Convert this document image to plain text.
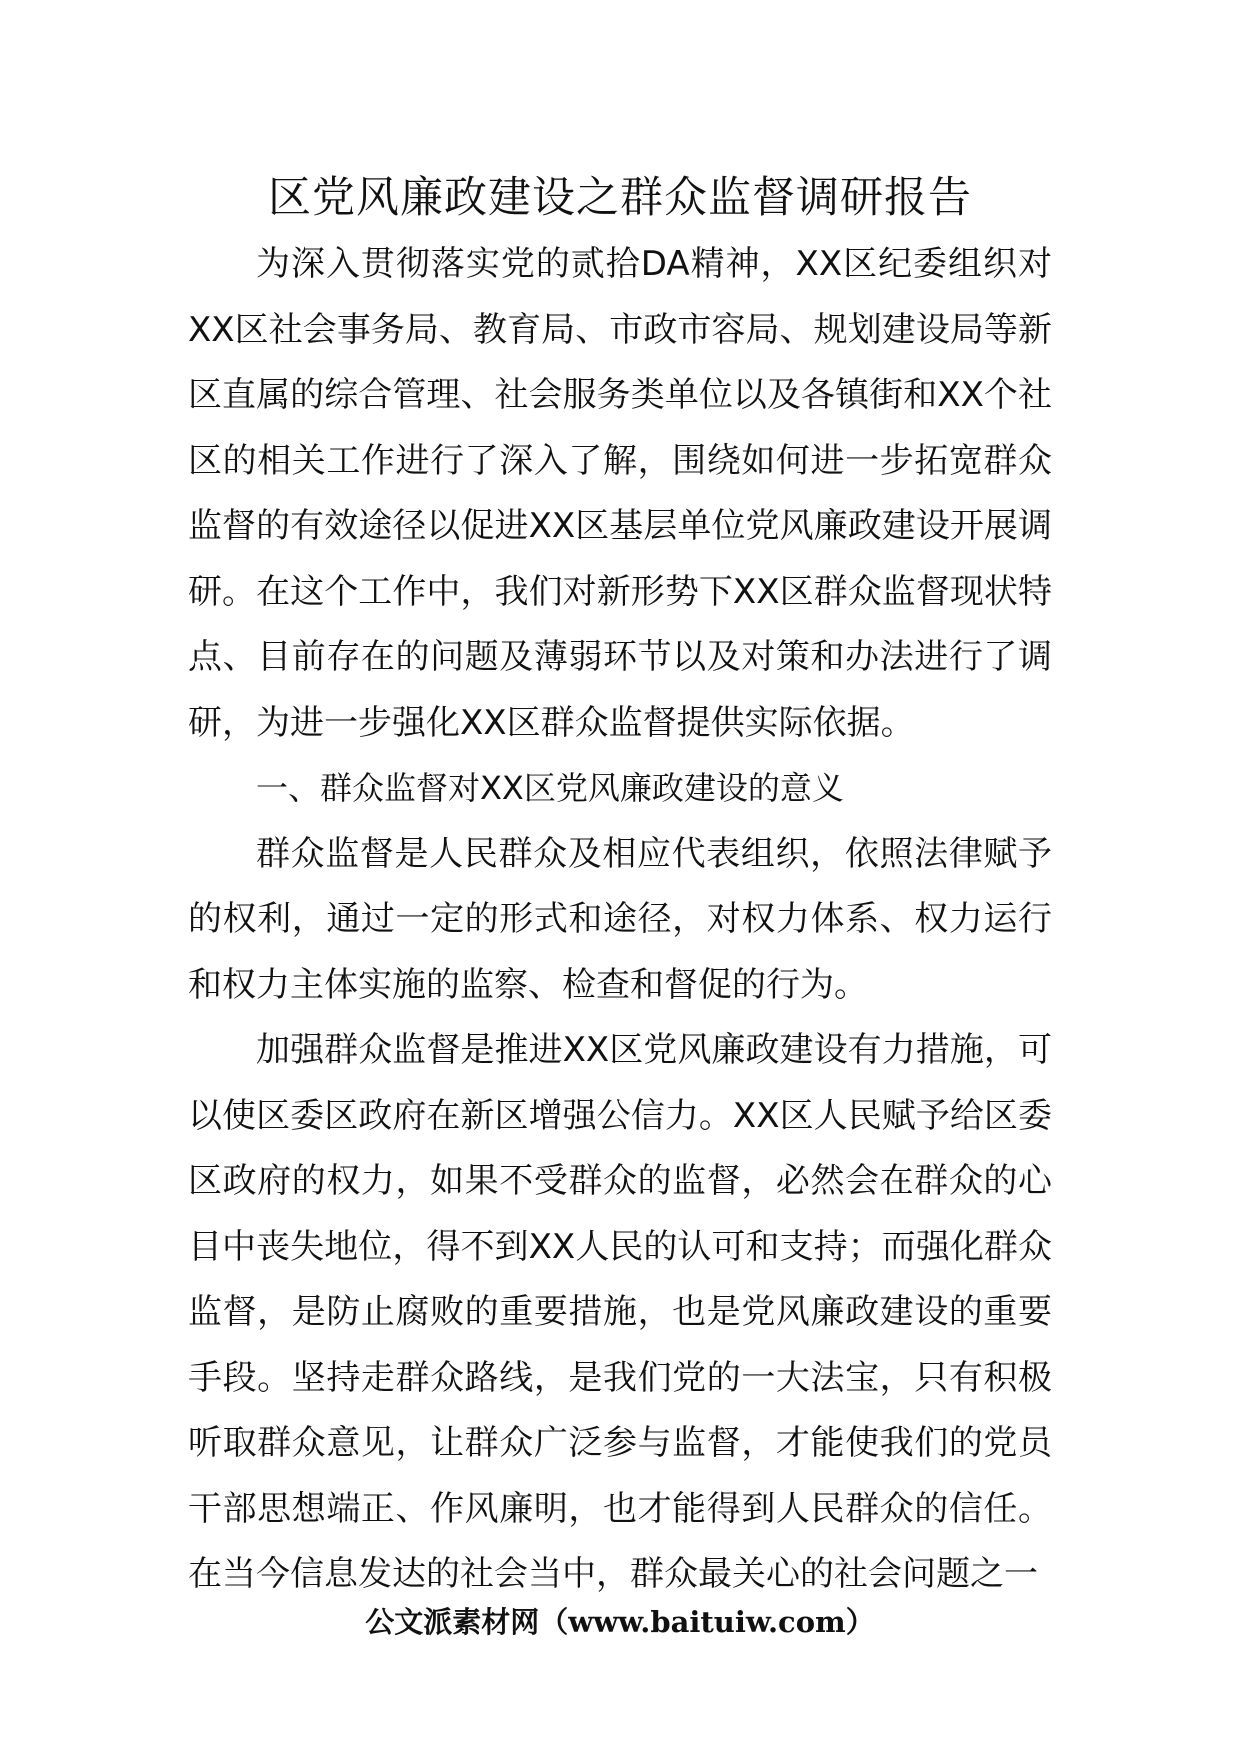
区党风廉政建设之群众监督调研报告

为深入贯彻落实党的贰拾DA精神，XX区纪委组织对XX区社会事务局、教育局、市政市容局、规划建设局等新区直属的综合管理、社会服务类单位以及各镇街和XX个社区的相关工作进行了深入了解，围绕如何进一步拓宽群众监督的有效途径以促进XX区基层单位党风廉政建设开展调研。在这个工作中，我们对新形势下XX区群众监督现状特点、目前存在的问题及薄弱环节以及对策和办法进行了调研，为进一步强化XX区群众监督提供实际依据。

一、群众监督对XX区党风廉政建设的意义

群众监督是人民群众及相应代表组织，依照法律赋予的权利，通过一定的形式和途径，对权力体系、权力运行和权力主体实施的监察、检查和督促的行为。

加强群众监督是推进XX区党风廉政建设有力措施，可以使区委区政府在新区增强公信力。XX区人民赋予给区委区政府的权力，如果不受群众的监督，必然会在群众的心目中丧失地位，得不到XX人民的认可和支持；而强化群众监督，是防止腐败的重要措施，也是党风廉政建设的重要手段。坚持走群众路线，是我们党的一大法宝，只有积极听取群众意见，让群众广泛参与监督，才能使我们的党员干部思想端正、作风廉明，也才能得到人民群众的信任。在当今信息发达的社会当中，群众最关心的社会问题之一

公文派素材网（www.baituiw.com）
